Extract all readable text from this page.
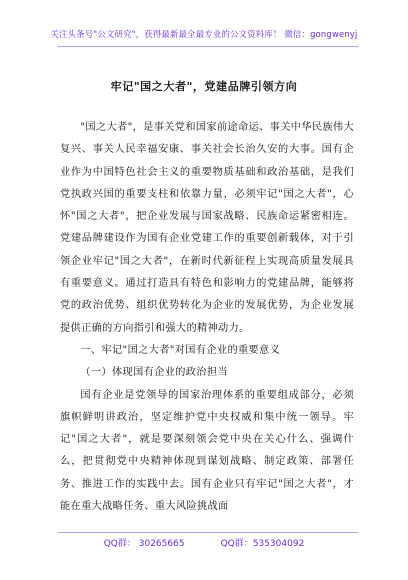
关注头条号"公文研究"，获得最新最全最专业的公文资料库！ 微信：gongwenyj
牢记"国之大者"，党建品牌引领方向

"国之大者"，是事关党和国家前途命运、事关中华民族伟大复兴、事关人民幸福安康、事关社会长治久安的大事。国有企业作为中国特色社会主义的重要物质基础和政治基础，是我们党执政兴国的重要支柱和依靠力量，必须牢记"国之大者"，心怀"国之大者"，把企业发展与国家战略、民族命运紧密相连。党建品牌建设作为国有企业党建工作的重要创新载体，对于引领企业牢记"国之大者"，在新时代新征程上实现高质量发展具有重要意义。通过打造具有特色和影响力的党建品牌，能够将党的政治优势、组织优势转化为企业的发展优势，为企业发展提供正确的方向指引和强大的精神动力。

一、牢记"国之大者"对国有企业的重要意义

（一）体现国有企业的政治担当

国有企业是党领导的国家治理体系的重要组成部分，必须旗帜鲜明讲政治，坚定维护党中央权威和集中统一领导。牢记"国之大者"，就是要深刻领会党中央在关心什么、强调什么，把贯彻党中央精神体现到谋划战略、制定政策、部署任务、推进工作的实践中去。国有企业只有牢记"国之大者"，才能在重大战略任务、重大风险挑战面

QQ群： 30265665	QQ群：535304092
